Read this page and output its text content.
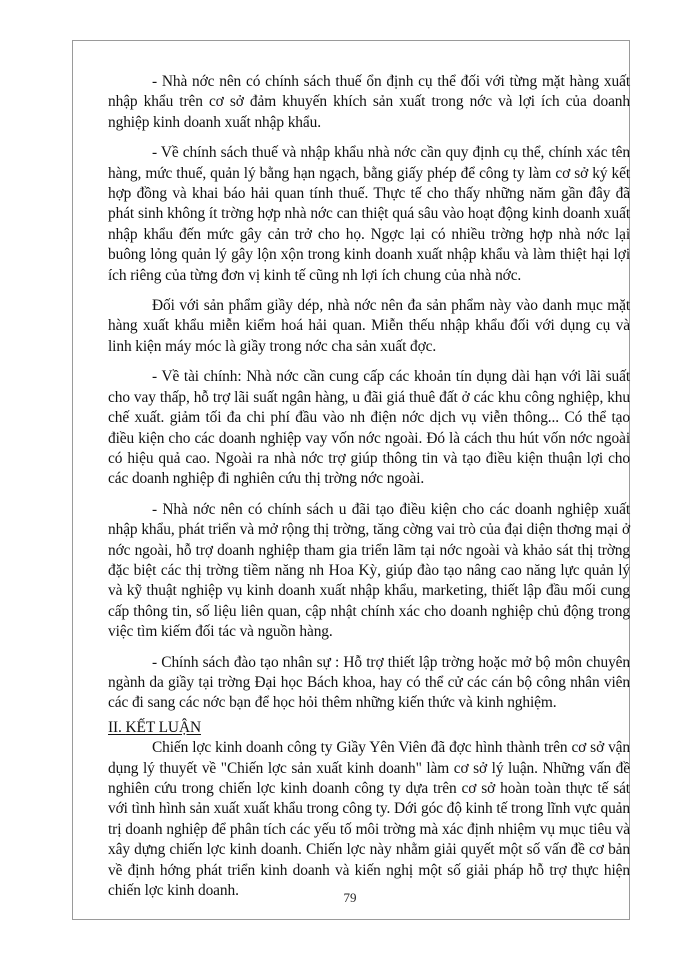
- Nhà nớc nên có chính sách thuế ổn định cụ thể đối với từng mặt hàng xuất nhập khẩu trên cơ sở đảm khuyến khích sản xuất trong nớc và lợi ích của doanh nghiệp kinh doanh xuất nhập khẩu.

- Về chính sách thuế và nhập khẩu nhà nớc cần quy định cụ thể, chính xác tên hàng, mức thuế, quản lý bằng hạn ngạch, bằng giấy phép để công ty làm cơ sở ký kết hợp đồng và khai báo hải quan tính thuế. Thực tế cho thấy những năm gần đây đã phát sinh không ít trờng hợp nhà nớc can thiệt quá sâu vào hoạt động kinh doanh xuất nhập khẩu đến mức gây cản trở cho họ. Ngợc lại có nhiều trờng hợp nhà nớc lại buông lỏng quản lý gây lộn xộn trong kinh doanh xuất nhập khẩu và làm thiệt hại lợi ích riêng của từng đơn vị kinh tế cũng nh lợi ích chung của nhà nớc.

Đối với sản phẩm giầy dép, nhà nớc nên đa sản phẩm này vào danh mục mặt hàng xuất khẩu miễn kiểm hoá hải quan. Miễn thếu nhập khẩu đối với dụng cụ và linh kiện máy móc là giầy trong nớc cha sản xuất đợc.

- Về tài chính: Nhà nớc cần cung cấp các khoản tín dụng dài hạn với lãi suất cho vay thấp, hỗ trợ lãi suất ngân hàng, u đãi giá thuê đất ở các khu công nghiệp, khu chế xuất. giảm tối đa chi phí đầu vào nh điện nớc dịch vụ viễn thông... Có thể tạo điều kiện cho các doanh nghiệp vay vốn nớc ngoài. Đó là cách thu hút vốn nớc ngoài có hiệu quả cao. Ngoài ra nhà nớc trợ giúp thông tin và tạo điều kiện thuận lợi cho các doanh nghiệp đi nghiên cứu thị trờng nớc ngoài.

- Nhà nớc nên có chính sách u đãi tạo điều kiện cho các doanh nghiệp xuất nhập khẩu, phát triển và mở rộng thị trờng, tăng cờng vai trò của đại diện thơng mại ở nớc ngoài, hỗ trợ doanh nghiệp tham gia triển lãm tại nớc ngoài và khảo sát thị trờng đặc biệt các thị trờng tiềm năng nh Hoa Kỳ, giúp đào tạo nâng cao năng lực quản lý và kỹ thuật nghiệp vụ kinh doanh xuất nhập khẩu, marketing, thiết lập đầu mối cung cấp thông tin, số liệu liên quan, cập nhật chính xác cho doanh nghiệp chủ động trong việc tìm kiếm đối tác và nguồn hàng.

- Chính sách đào tạo nhân sự : Hỗ trợ thiết lập trờng hoặc mở bộ môn chuyên ngành da giầy tại trờng Đại học Bách khoa, hay có thể cử các cán bộ công nhân viên các đi sang các nớc bạn để học hỏi thêm những kiến thức và kinh nghiệm.

II. KẾT LUẬN

Chiến lợc kinh doanh công ty Giầy Yên Viên đã đợc hình thành trên cơ sở vận dụng lý thuyết về "Chiến lợc sản xuất kinh doanh" làm cơ sở lý luận. Những vấn đề nghiên cứu trong chiến lợc kinh doanh công ty dựa trên cơ sở hoàn toàn thực tế sát với tình hình sản xuất xuất khẩu trong công ty. Dới góc độ kinh tế trong lĩnh vực quản trị doanh nghiệp để phân tích các yếu tố môi trờng mà xác định nhiệm vụ mục tiêu và xây dựng chiến lợc kinh doanh. Chiến lợc này nhằm giải quyết một số vấn đề cơ bản về định hớng phát triển kinh doanh và kiến nghị một số giải pháp hỗ trợ thực hiện chiến lợc kinh doanh.	79
